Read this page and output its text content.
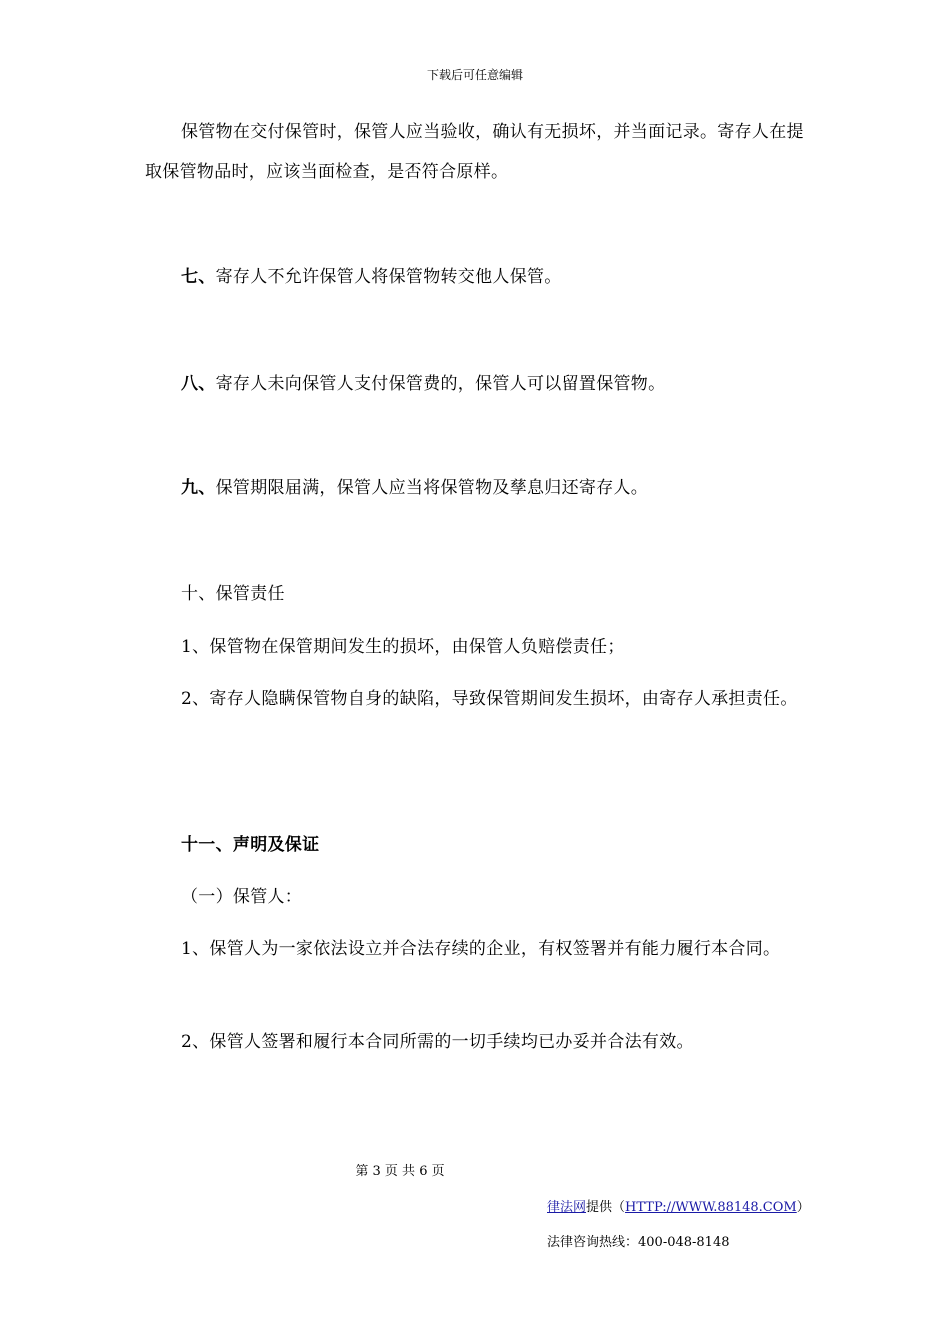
下载后可任意编辑
保管物在交付保管时，保管人应当验收，确认有无损坏，并当面记录。寄存人在提取保管物品时，应该当面检查，是否符合原样。
七、寄存人不允许保管人将保管物转交他人保管。
八、寄存人未向保管人支付保管费的，保管人可以留置保管物。
九、保管期限届满，保管人应当将保管物及孳息归还寄存人。
十、保管责任
1、保管物在保管期间发生的损坏，由保管人负赔偿责任；
2、寄存人隐瞒保管物自身的缺陷，导致保管期间发生损坏，由寄存人承担责任。
十一、声明及保证
（一）保管人：
1、保管人为一家依法设立并合法存续的企业，有权签署并有能力履行本合同。
2、保管人签署和履行本合同所需的一切手续均已办妥并合法有效。
第 3 页 共 6 页
律法网提供（HTTP://WWW.88148.COM）
法律咨询热线：400-048-8148
